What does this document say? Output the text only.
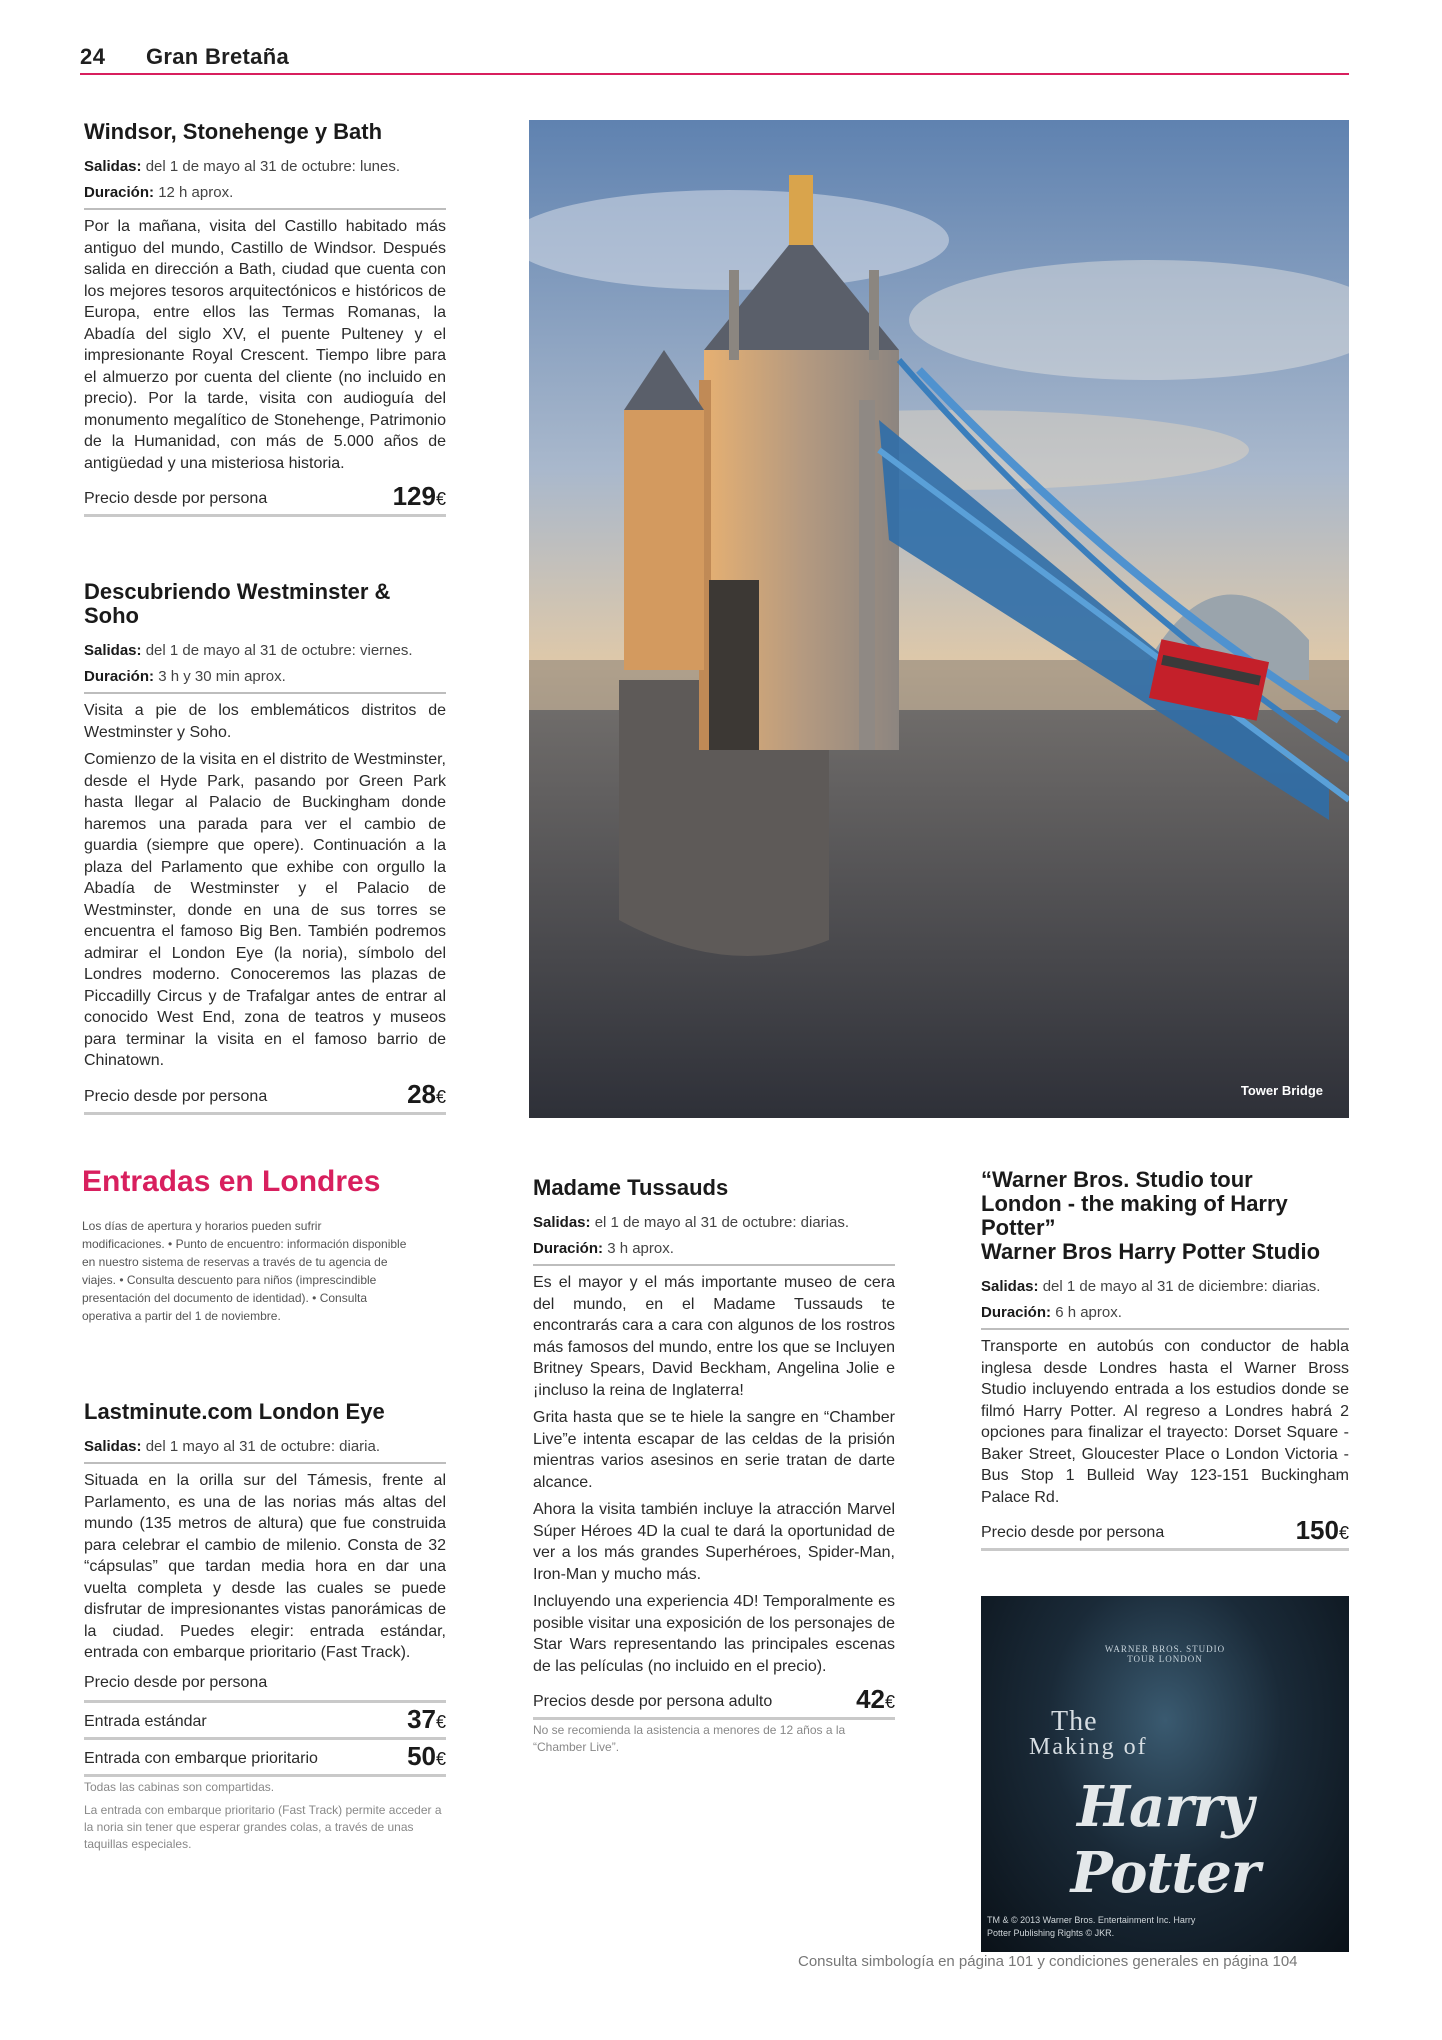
24 Gran Bretaña
Windsor, Stonehenge y Bath
Salidas: del 1 de mayo al 31 de octubre: lunes.
Duración: 12 h aprox.

Por la mañana, visita del Castillo habitado más antiguo del mundo, Castillo de Windsor. Después salida en dirección a Bath, ciudad que cuenta con los mejores tesoros arquitectónicos e históricos de Europa, entre ellos las Termas Romanas, la Abadía del siglo XV, el puente Pulteney y el impresionante Royal Crescent. Tiempo libre para el almuerzo por cuenta del cliente (no incluido en precio). Por la tarde, visita con audioguía del monumento megalítico de Stonehenge, Patrimonio de la Humanidad, con más de 5.000 años de antigüedad y una misteriosa historia.

Precio desde por persona	129€
Descubriendo Westminster & Soho
Salidas: del 1 de mayo al 31 de octubre: viernes.
Duración: 3 h y 30 min aprox.

Visita a pie de los emblemáticos distritos de Westminster y Soho.

Comienzo de la visita en el distrito de Westminster, desde el Hyde Park, pasando por Green Park hasta llegar al Palacio de Buckingham donde haremos una parada para ver el cambio de guardia (siempre que opere). Continuación a la plaza del Parlamento que exhibe con orgullo la Abadía de Westminster y el Palacio de Westminster, donde en una de sus torres se encuentra el famoso Big Ben. También podremos admirar el London Eye (la noria), símbolo del Londres moderno. Conoceremos las plazas de Piccadilly Circus y de Trafalgar antes de entrar al conocido West End, zona de teatros y museos para terminar la visita en el famoso barrio de Chinatown.

Precio desde por persona	28€	Tower Bridge
Entradas en Londres
Los días de apertura y horarios pueden sufrir modificaciones. • Punto de encuentro: información disponible en nuestro sistema de reservas a través de tu agencia de viajes. • Consulta descuento para niños (imprescindible presentación del documento de identidad). • Consulta operativa a partir del 1 de noviembre.
Lastminute.com London Eye
Salidas: del 1 mayo al 31 de octubre: diaria.

Situada en la orilla sur del Támesis, frente al Parlamento, es una de las norias más altas del mundo (135 metros de altura) que fue construida para celebrar el cambio de milenio. Consta de 32 “cápsulas” que tardan media hora en dar una vuelta completa y desde las cuales se puede disfrutar de impresionantes vistas panorámicas de la ciudad. Puedes elegir: entrada estándar, entrada con embarque prioritario (Fast Track).

Precio desde por persona
Entrada estándar	37€
Entrada con embarque prioritario	50€
Todas las cabinas son compartidas.
La entrada con embarque prioritario (Fast Track) permite acceder a la noria sin tener que esperar grandes colas, a través de unas taquillas especiales.
Madame Tussauds
Salidas: el 1 de mayo al 31 de octubre: diarias.
Duración: 3 h aprox.

Es el mayor y el más importante museo de cera del mundo, en el Madame Tussauds te encontrarás cara a cara con algunos de los rostros más famosos del mundo, entre los que se Incluyen Britney Spears, David Beckham, Angelina Jolie e ¡incluso la reina de Inglaterra!

Grita hasta que se te hiele la sangre en “Chamber Live”e intenta escapar de las celdas de la prisión mientras varios asesinos en serie tratan de darte alcance.

Ahora la visita también incluye la atracción Marvel Súper Héroes 4D la cual te dará la oportunidad de ver a los más grandes Superhéroes, Spider-Man, Iron-Man y mucho más.

Incluyendo una experiencia 4D! Temporalmente es posible visitar una exposición de los personajes de Star Wars representando las principales escenas de las películas (no incluido en el precio).

Precios desde por persona adulto	42€
No se recomienda la asistencia a menores de 12 años a la “Chamber Live”.
“Warner Bros. Studio tour London - the making of Harry Potter”
Warner Bros Harry Potter Studio
Salidas: del 1 de mayo al 31 de diciembre: diarias.
Duración: 6 h aprox.

Transporte en autobús con conductor de habla inglesa desde Londres hasta el Warner Bross Studio incluyendo entrada a los estudios donde se filmó Harry Potter. Al regreso a Londres habrá 2 opciones para finalizar el trayecto: Dorset Square - Baker Street, Gloucester Place o London Victoria - Bus Stop 1 Bulleid Way 123-151 Buckingham Palace Rd.

Precio desde por persona	150€
WARNER BROS. STUDIO TOUR LONDON
The
Making of
Harry Potter
TM & © 2013 Warner Bros. Entertainment Inc. Harry Potter Publishing Rights © JKR.
Consulta simbología en página 101 y condiciones generales en página 104
